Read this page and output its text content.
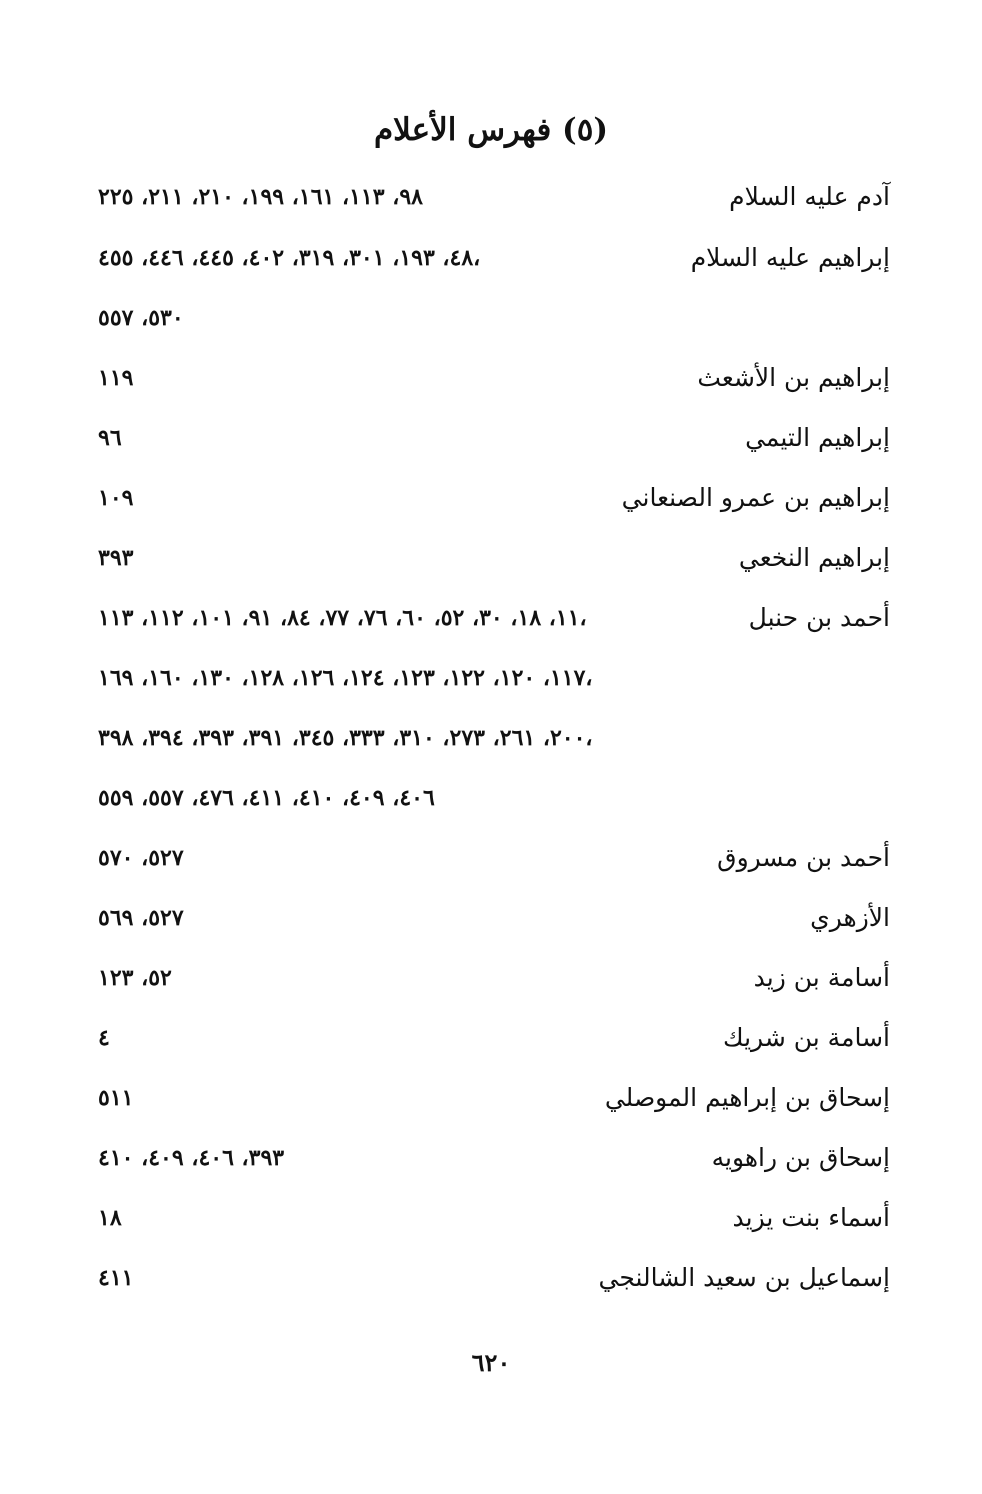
(٥) فهرس الأعلام
آدم عليه السلام
٩٨، ١١٣، ١٦١، ١٩٩، ٢١٠، ٢١١، ٢٢٥
إبراهيم عليه السلام
٤٨، ١٩٣، ٣٠١، ٣١٩، ٤٠٢، ٤٤٥، ٤٤٦، ٤٥٥،
٥٣٠، ٥٥٧
إبراهيم بن الأشعث
١١٩
إبراهيم التيمي
٩٦
إبراهيم بن عمرو الصنعاني
١٠٩
إبراهيم النخعي
٣٩٣
أحمد بن حنبل
١١، ١٨، ٣٠، ٥٢، ٦٠، ٧٦، ٧٧، ٨٤، ٩١، ١٠١، ١١٢، ١١٣،
١١٧، ١٢٠، ١٢٢، ١٢٣، ١٢٤، ١٢٦، ١٢٨، ١٣٠، ١٦٠، ١٦٩،
٢٠٠، ٢٦١، ٢٧٣، ٣١٠، ٣٣٣، ٣٤٥، ٣٩١، ٣٩٣، ٣٩٤، ٣٩٨،
٤٠٦، ٤٠٩، ٤١٠، ٤١١، ٤٧٦، ٥٥٧، ٥٥٩
أحمد بن مسروق
٥٢٧، ٥٧٠
الأزهري
٥٢٧، ٥٦٩
أسامة بن زيد
٥٢، ١٢٣
أسامة بن شريك
٤
إسحاق بن إبراهيم الموصلي
٥١١
إسحاق بن راهويه
٣٩٣، ٤٠٦، ٤٠٩، ٤١٠
أسماء بنت يزيد
١٨
إسماعيل بن سعيد الشالنجي
٤١١
٦٢٠
